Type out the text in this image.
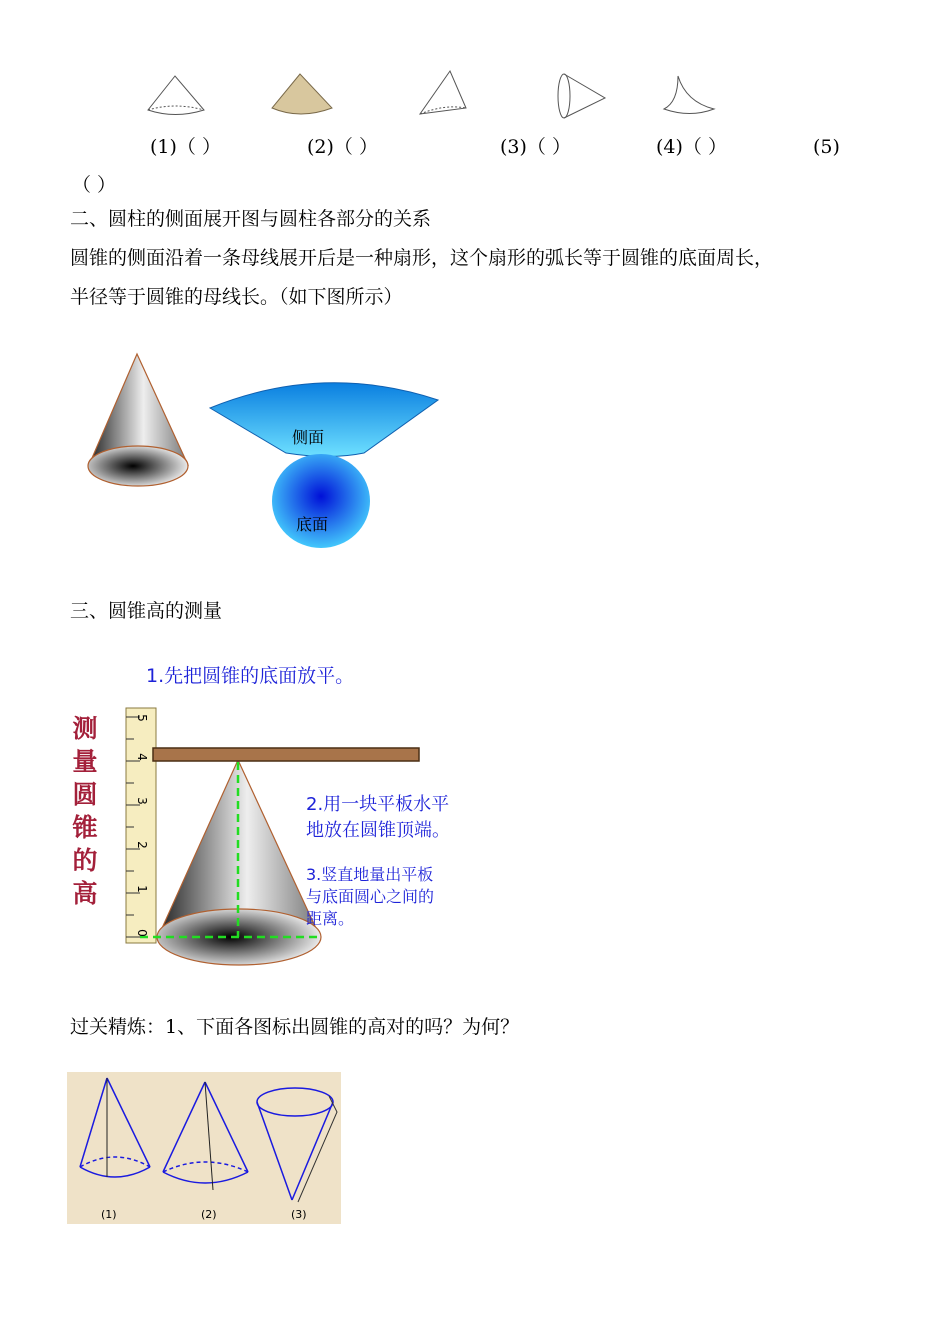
(1)（ ）	(2)（ ）	(3)（ ）	(4)（ ）	(5)
（ ）
二、圆柱的侧面展开图与圆柱各部分的关系
圆锥的侧面沿着一条母线展开后是一种扇形，这个扇形的弧长等于圆锥的底面周长，
半径等于圆锥的母线长。（如下图所示）
侧面
底面
三、圆锥高的测量
1.先把圆锥的底面放平。
测
量
圆
锥
的
高
0
1
2
3
4
5
2.用一块平板水平
地放在圆锥顶端。
3.竖直地量出平板
与底面圆心之间的
距离。
过关精炼：1、下面各图标出圆锥的高对的吗？为何？
(1)	(2)	(3)
